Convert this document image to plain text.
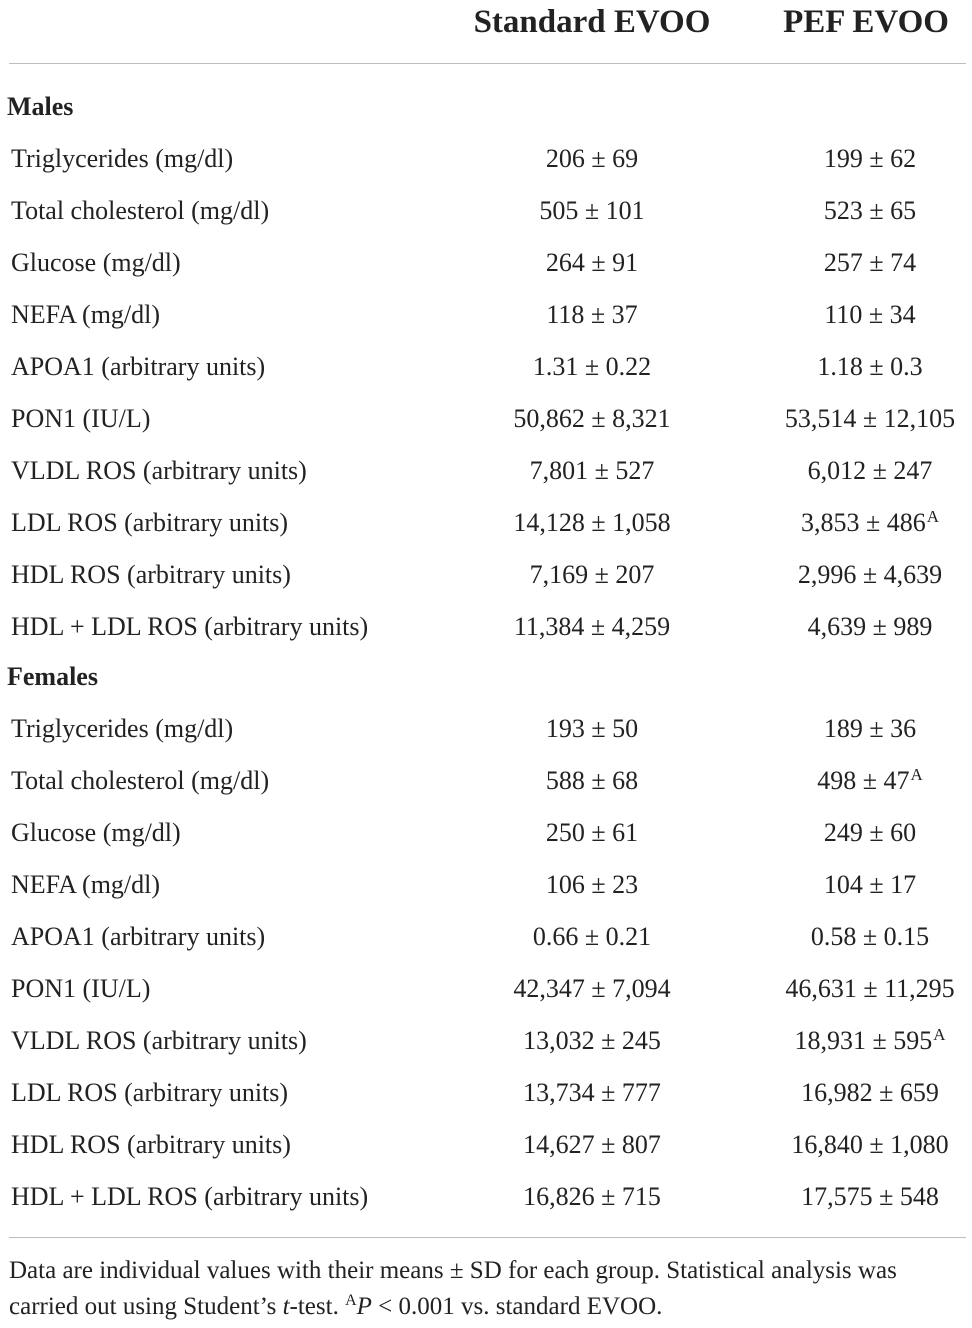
Standard EVOO	PEF EVOO
Males
Triglycerides (mg/dl)	206 ± 69	199 ± 62
Total cholesterol (mg/dl)	505 ± 101	523 ± 65
Glucose (mg/dl)	264 ± 91	257 ± 74
NEFA (mg/dl)	118 ± 37	110 ± 34
APOA1 (arbitrary units)	1.31 ± 0.22	1.18 ± 0.3
PON1 (IU/L)	50,862 ± 8,321	53,514 ± 12,105
VLDL ROS (arbitrary units)	7,801 ± 527	6,012 ± 247
LDL ROS (arbitrary units)	14,128 ± 1,058	$3,853 \pm 486^A$
HDL ROS (arbitrary units)	7,169 ± 207	2,996 ± 4,639
HDL + LDL ROS (arbitrary units)	11,384 ± 4,259	4,639 ± 989
Females
Triglycerides (mg/dl)	193 ± 50	189 ± 36
Total cholesterol (mg/dl)	588 ± 68	$498 \pm 47^A$
Glucose (mg/dl)	250 ± 61	249 ± 60
NEFA (mg/dl)	106 ± 23	104 ± 17
APOA1 (arbitrary units)	0.66 ± 0.21	0.58 ± 0.15
PON1 (IU/L)	42,347 ± 7,094	46,631 ± 11,295
VLDL ROS (arbitrary units)	13,032 ± 245	$18,931 \pm 595^A$
LDL ROS (arbitrary units)	13,734 ± 777	16,982 ± 659
HDL ROS (arbitrary units)	14,627 ± 807	16,840 ± 1,080
HDL + LDL ROS (arbitrary units)	16,826 ± 715	17,575 ± 548
Data are individual values with their means ± SD for each group. Statistical analysis was
carried out using Student’s t-test. $^A$P < 0.001 vs. standard EVOO.
